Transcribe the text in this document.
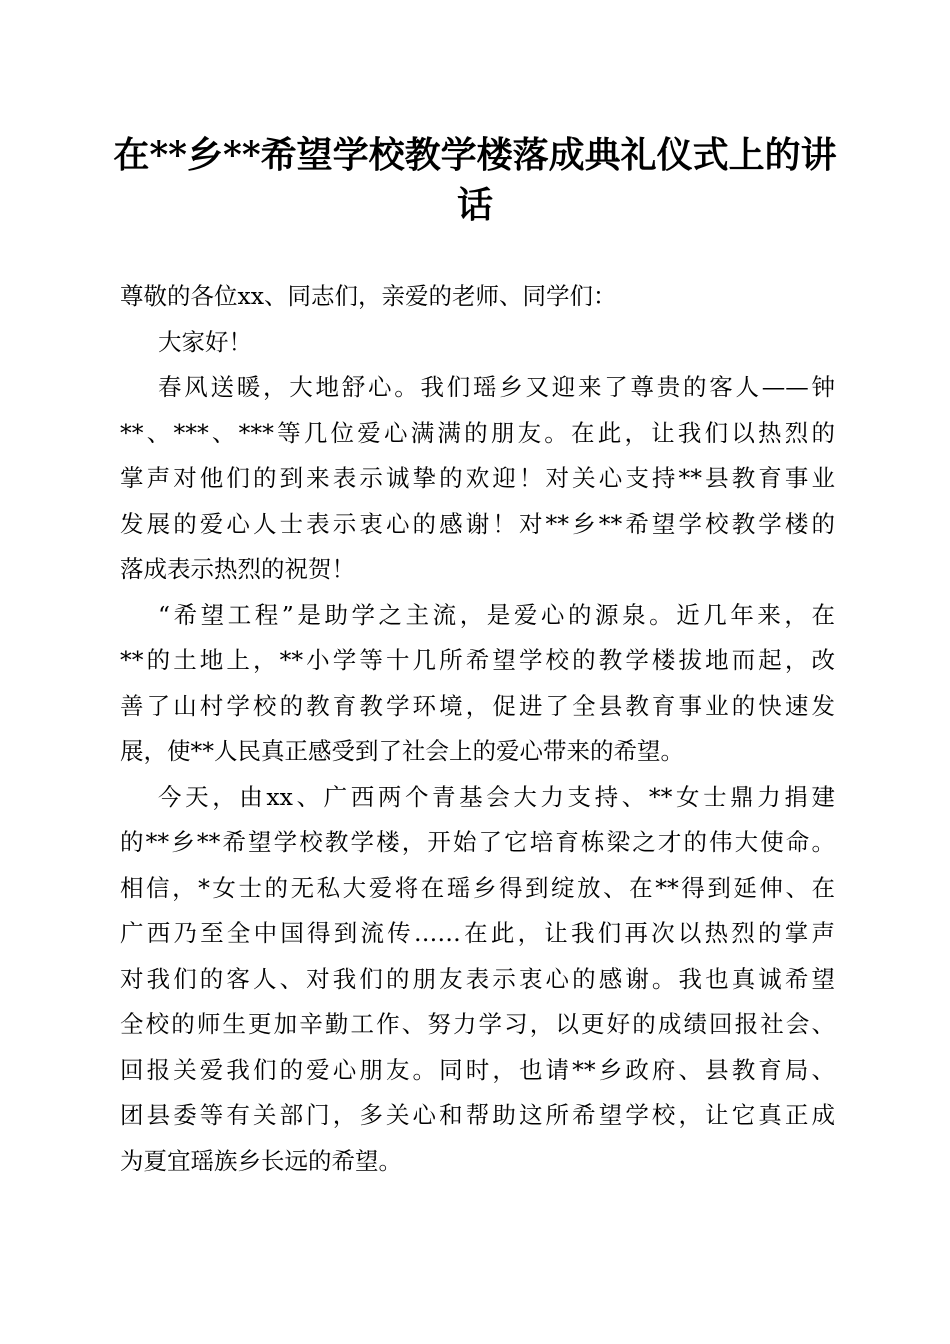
在**乡**希望学校教学楼落成典礼仪式上的讲
话
尊敬的各位xx、同志们，亲爱的老师、同学们：
大家好！
春风送暖，大地舒心。我们瑶乡又迎来了尊贵的客人——钟
**、***、***等几位爱心满满的朋友。在此，让我们以热烈的
掌声对他们的到来表示诚挚的欢迎！对关心支持**县教育事业
发展的爱心人士表示衷心的感谢！对**乡**希望学校教学楼的
落成表示热烈的祝贺！
“希望工程”是助学之主流，是爱心的源泉。近几年来，在
**的土地上，**小学等十几所希望学校的教学楼拔地而起，改
善了山村学校的教育教学环境，促进了全县教育事业的快速发
展，使**人民真正感受到了社会上的爱心带来的希望。
今天，由xx、广西两个青基会大力支持、**女士鼎力捐建
的**乡**希望学校教学楼，开始了它培育栋梁之才的伟大使命。
相信，*女士的无私大爱将在瑶乡得到绽放、在**得到延伸、在
广西乃至全中国得到流传……在此，让我们再次以热烈的掌声
对我们的客人、对我们的朋友表示衷心的感谢。我也真诚希望
全校的师生更加辛勤工作、努力学习，以更好的成绩回报社会、
回报关爱我们的爱心朋友。同时，也请**乡政府、县教育局、
团县委等有关部门，多关心和帮助这所希望学校，让它真正成
为夏宜瑶族乡长远的希望。
